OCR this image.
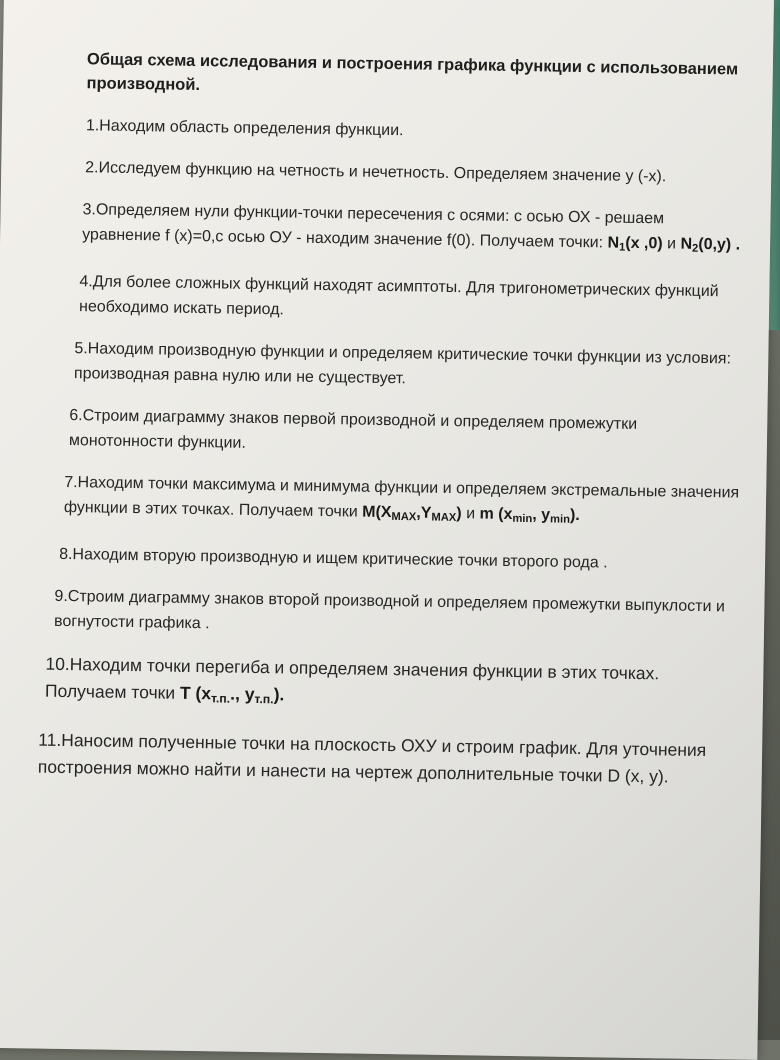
Общая схема исследования и построения графика функции с использованием производной.
1.Находим область определения функции.
2.Исследуем функцию на четность и нечетность. Определяем значение у (-х).
3.Определяем нули функции-точки пересечения с осями: с осью ОХ - решаем уравнение f (x)=0,с осью ОУ - находим значение f(0). Получаем точки: $N_1(x$ ,0) и $N_2(0,y)$ .
4.Для более сложных функций находят асимптоты. Для тригонометрических функций необходимо искать период.
5.Находим производную функции и определяем критические точки функции из условия: производная равна нулю или не существует.
6.Строим диаграмму знаков первой производной и определяем промежутки монотонности функции.
7.Находим точки максимума и минимума функции и определяем экстремальные значения функции в этих точках. Получаем точки $M(X_{MAX},Y_{MAX})$ и m ($x_{min}$, $y_{min}$).
8.Находим вторую производную и ищем критические точки второго рода .
9.Строим диаграмму знаков второй производной и определяем промежутки выпуклости и вогнутости графика .
10.Находим точки перегиба и определяем значения функции в этих точках. Получаем точки T ($x_{т.п.}$., $y_{т.п.}$).
11.Наносим полученные точки на плоскость ОХУ и строим график. Для уточнения построения можно найти и нанести на чертеж дополнительные точки D (x, y).
